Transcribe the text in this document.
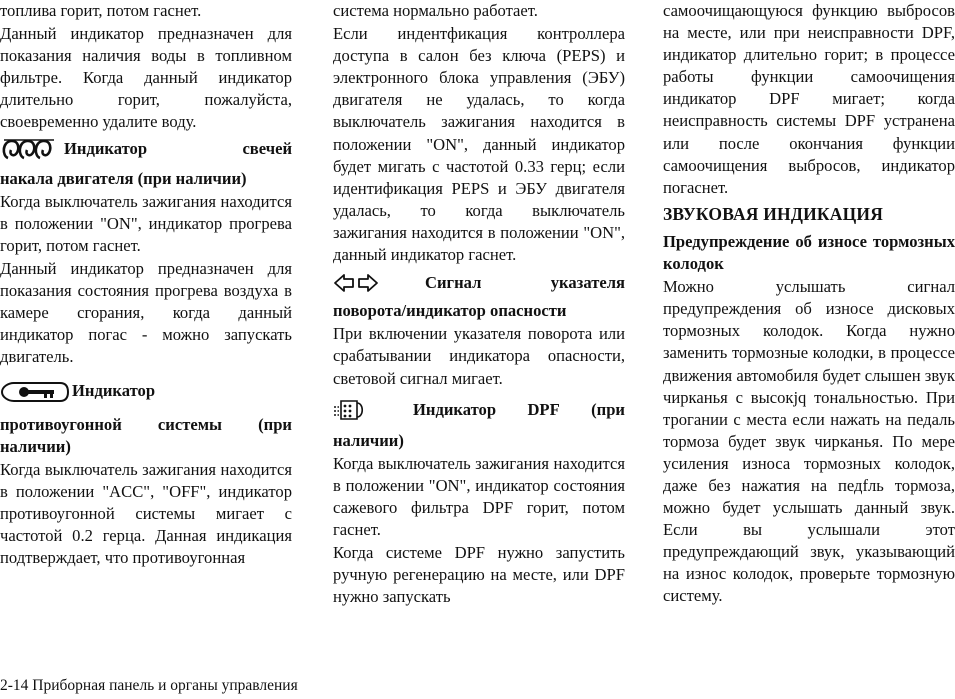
топлива горит, потом гаснет.

Данный индикатор предназначен для показания наличия воды в топливном фильтре. Когда данный индикатор длительно горит, пожалуйста, своевременно удалите воду.

Индикатор	свечей

накала двигателя (при наличии)

Когда выключатель зажигания находится в положении "ON", индикатор прогрева горит, потом гаснет.

Данный индикатор предназначен для показания состояния прогрева воздуха в камере сгорания, когда данный индикатор погас - можно запускать двигатель.

Индикатор

противоугонной системы (при наличии)

Когда выключатель зажигания находится в положении "ACC", "OFF", индикатор противоугонной системы мигает с частотой 0.2 герца. Данная индикация подтверждает, что противоугонная

система нормально работает.

Если индентфикация контроллера доступа в салон без ключа (PEPS) и электронного блока управления (ЭБУ) двигателя не удалась, то когда выключатель зажигания находится в положении "ON", данный индикатор будет мигать с частотой 0.33 герц; если идентификация PEPS и ЭБУ двигателя удалась, то когда выключатель зажигания находится в положении "ON", данный индикатор гаснет.

Сигнал	указателя

поворота/индикатор опасности

При включении указателя поворота или срабатывании индикатора опасности, световой сигнал мигает.

Индикатор DPF (при

наличии)

Когда выключатель зажигания находится в положении "ON", индикатор состояния сажевого фильтра DPF горит, потом гаснет.

Когда системе DPF нужно запустить ручную регенерацию на месте, или DPF нужно запускать

самоочищающуюся функцию выбросов на месте, или при неисправности DPF, индикатор длительно горит; в процессе работы функции самоочищения индикатор DPF мигает; когда неисправность системы DPF устранена или после окончания функции самоочищения выбросов, индикатор погаснет.

ЗВУКОВАЯ ИНДИКАЦИЯ

Предупреждение об износе тормозных колодок

Можно услышать сигнал предупреждения об износе дисковых тормозных колодок. Когда нужно заменить тормозные колодки, в процессе движения автомобиля будет слышен звук чирканья с высокjq тональностью. При трогании с места если нажать на педаль тормоза будет звук чирканья. По мере усиления износа тормозных колодок, даже без нажатия на педfль тормоза, можно будет услышать данный звук. Если вы услышали этот предупреждающий звук, указывающий на износ колодок, проверьте тормозную систему.

2-14 Приборная панель и органы управления
